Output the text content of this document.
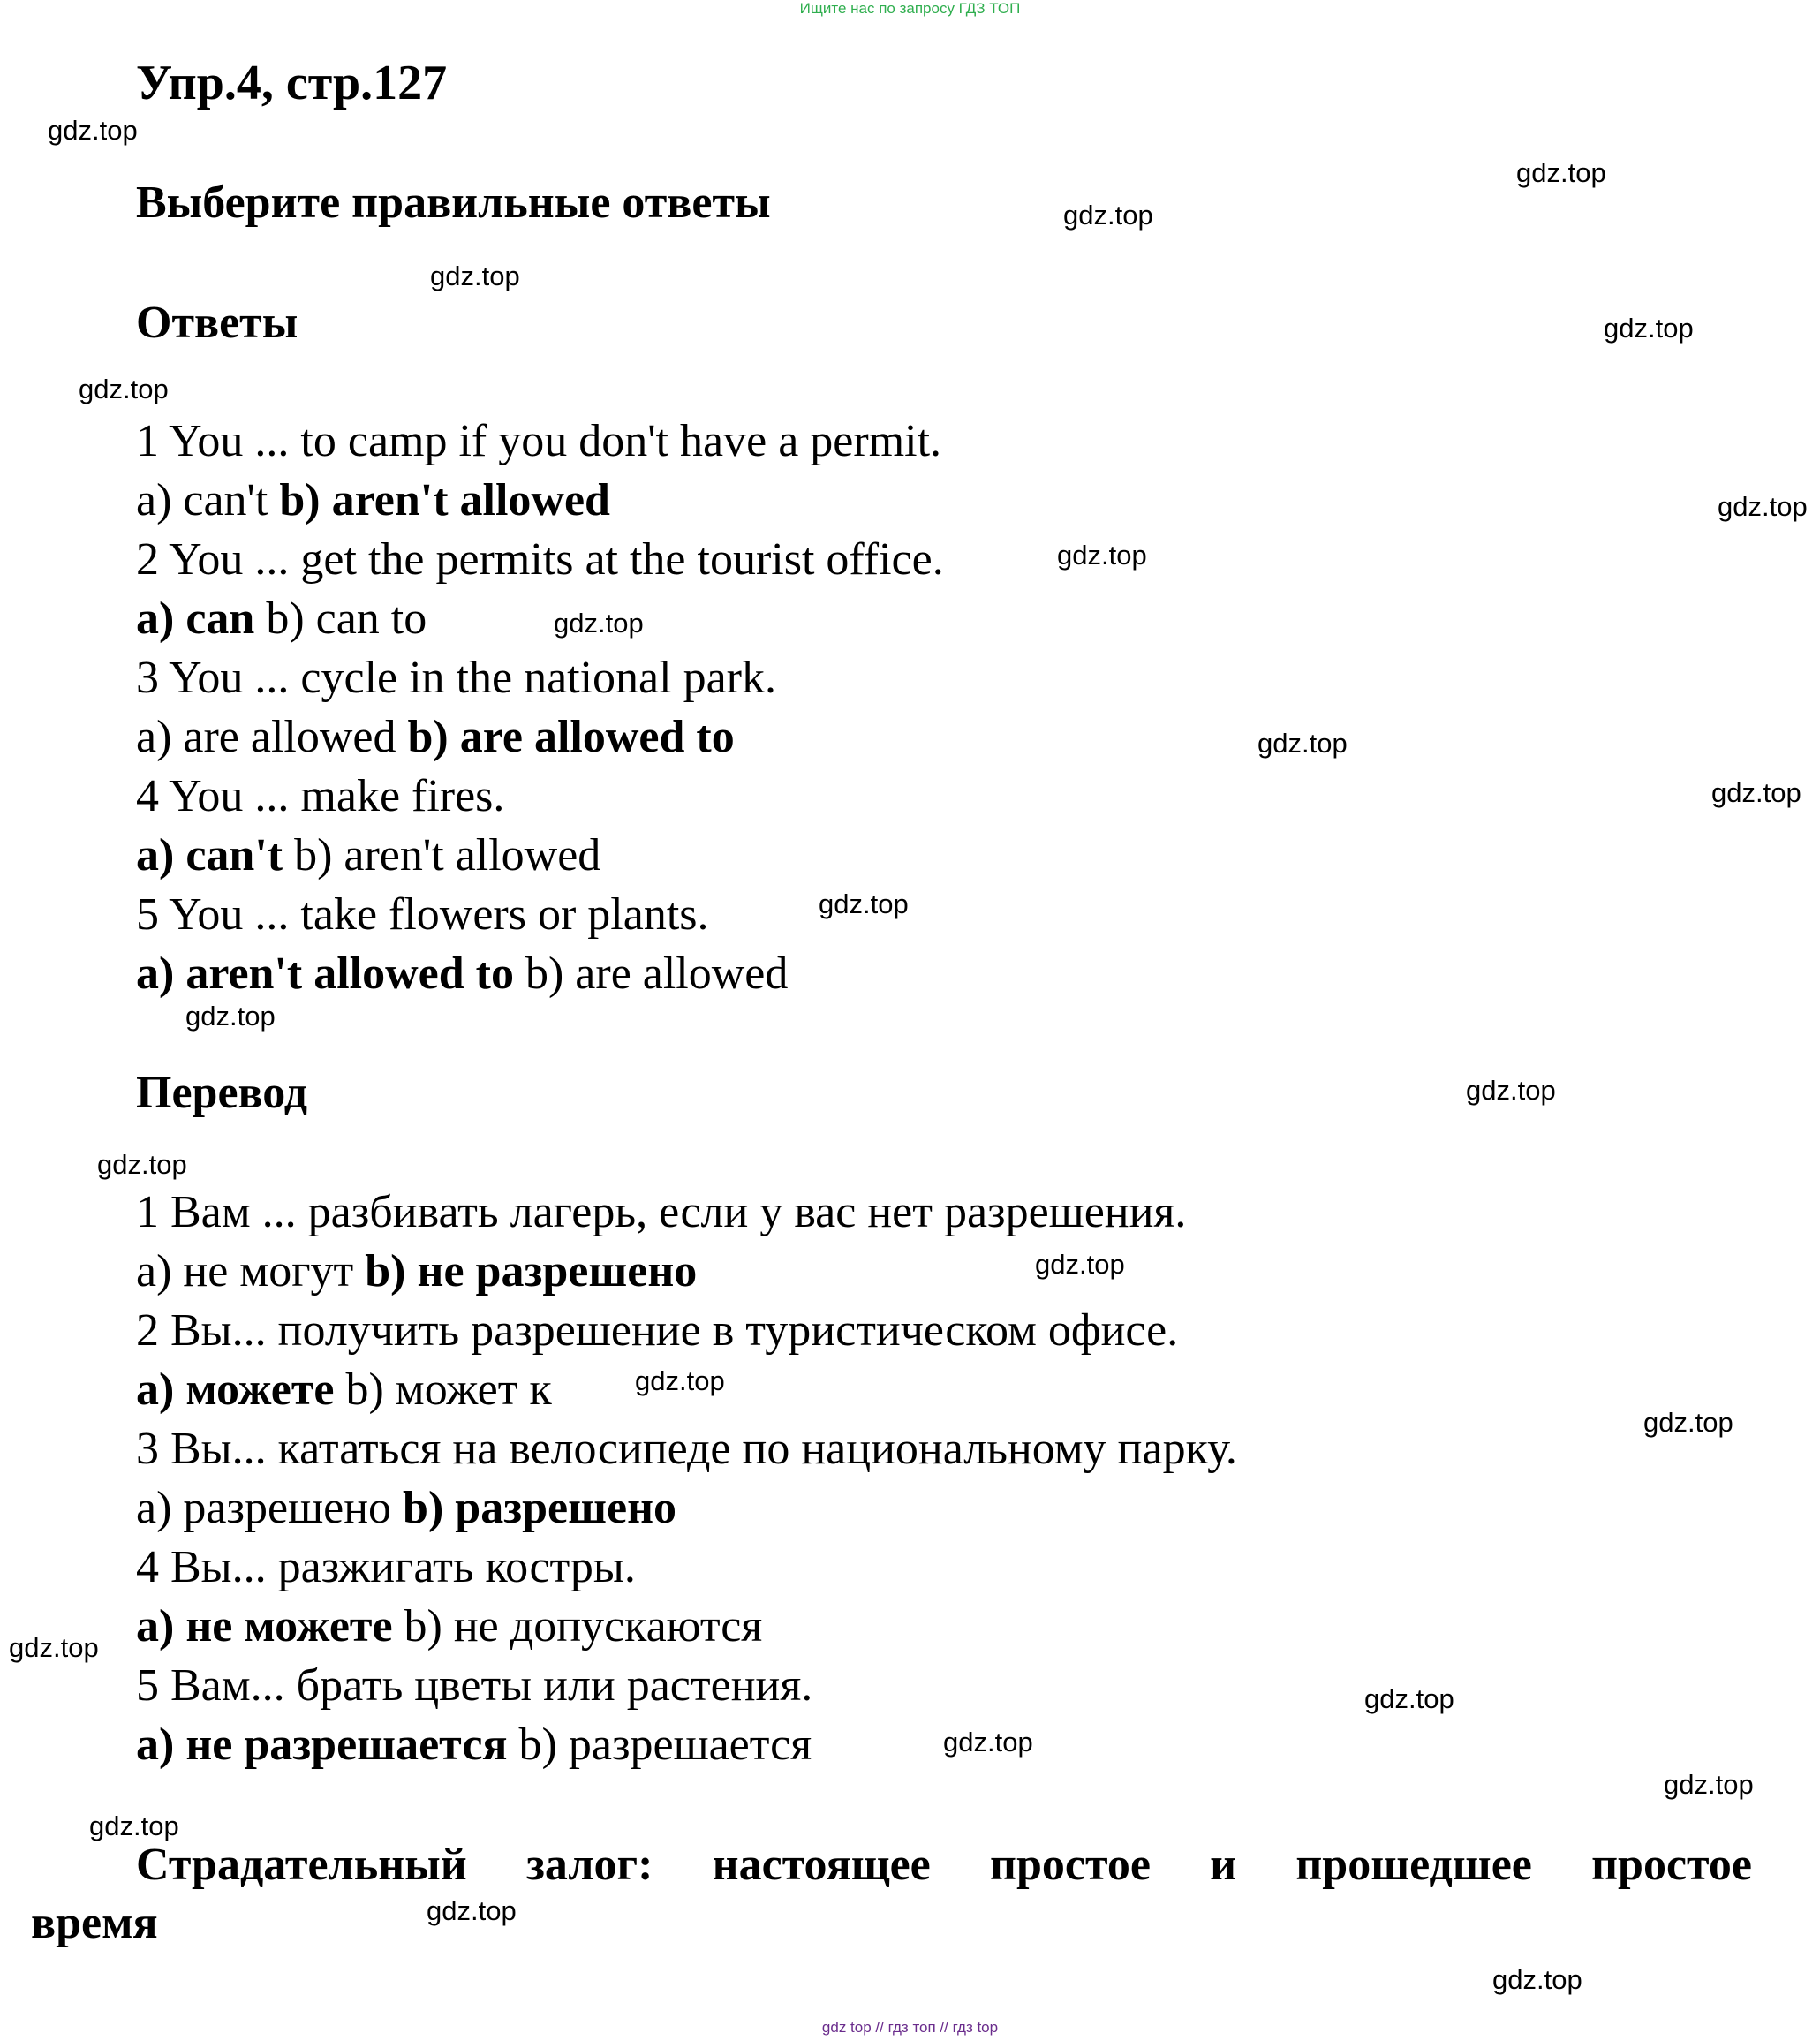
Ищите нас по запросу ГДЗ ТОП
Упр.4, стр.127
Выберите правильные ответы
Ответы
1 You ... to camp if you don't have a permit.
a) can't b) aren't allowed
2 You ... get the permits at the tourist office.
a) can b) can to
3 You ... cycle in the national park.
a) are allowed b) are allowed to
4 You ... make fires.
a) can't b) aren't allowed
5 You ... take flowers or plants.
a) aren't allowed to b) are allowed
Перевод
1 Вам ... разбивать лагерь, если у вас нет разрешения.
a) не могут b) не разрешено
2 Вы... получить разрешение в туристическом офисе.
a) можете b) может к
3 Вы... кататься на велосипеде по национальному парку.
a) разрешено b) разрешено
4 Вы... разжигать костры.
a) не можете b) не допускаются
5 Вам... брать цветы или растения.
a) не разрешается b) разрешается
Страдательный залог: настоящее простое и прошедшее простое
время
gdz.top
gdz.top
gdz.top
gdz.top
gdz.top
gdz.top
gdz.top
gdz.top
gdz.top
gdz.top
gdz.top
gdz.top
gdz.top
gdz.top
gdz.top
gdz.top
gdz.top
gdz.top
gdz.top
gdz.top
gdz.top
gdz.top
gdz.top
gdz.top
gdz.top
gdz top // гдз топ // гдз top
